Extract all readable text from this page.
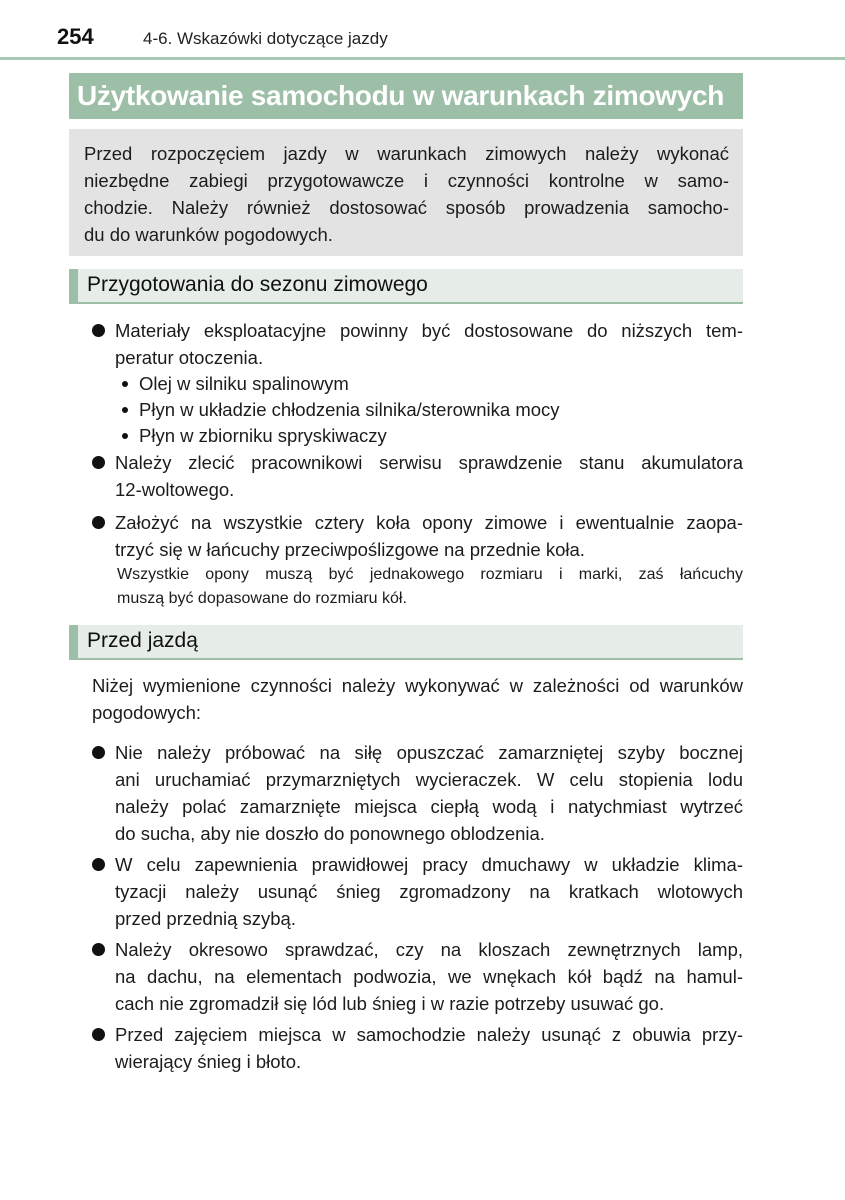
254	4-6. Wskazówki dotyczące jazdy
Użytkowanie samochodu w warunkach zimowych
Przed rozpoczęciem jazdy w warunkach zimowych należy wykonać
niezbędne zabiegi przygotowawcze i czynności kontrolne w samo-
chodzie. Należy również dostosować sposób prowadzenia samocho-
du do warunków pogodowych.
Przygotowania do sezonu zimowego
Materiały eksploatacyjne powinny być dostosowane do niższych tem-
peratur otoczenia.
Olej w silniku spalinowym
Płyn w układzie chłodzenia silnika/sterownika mocy
Płyn w zbiorniku spryskiwaczy
Należy zlecić pracownikowi serwisu sprawdzenie stanu akumulatora
12-woltowego.
Założyć na wszystkie cztery koła opony zimowe i ewentualnie zaopa-
trzyć się w łańcuchy przeciwpoślizgowe na przednie koła.
Wszystkie opony muszą być jednakowego rozmiaru i marki, zaś łańcuchy
muszą być dopasowane do rozmiaru kół.
Przed jazdą
Niżej wymienione czynności należy wykonywać w zależności od warunków
pogodowych:
Nie należy próbować na siłę opuszczać zamarzniętej szyby bocznej
ani uruchamiać przymarzniętych wycieraczek. W celu stopienia lodu
należy polać zamarznięte miejsca ciepłą wodą i natychmiast wytrzeć
do sucha, aby nie doszło do ponownego oblodzenia.
W celu zapewnienia prawidłowej pracy dmuchawy w układzie klima-
tyzacji należy usunąć śnieg zgromadzony na kratkach wlotowych
przed przednią szybą.
Należy okresowo sprawdzać, czy na kloszach zewnętrznych lamp,
na dachu, na elementach podwozia, we wnękach kół bądź na hamul-
cach nie zgromadził się lód lub śnieg i w razie potrzeby usuwać go.
Przed zajęciem miejsca w samochodzie należy usunąć z obuwia przy-
wierający śnieg i błoto.
